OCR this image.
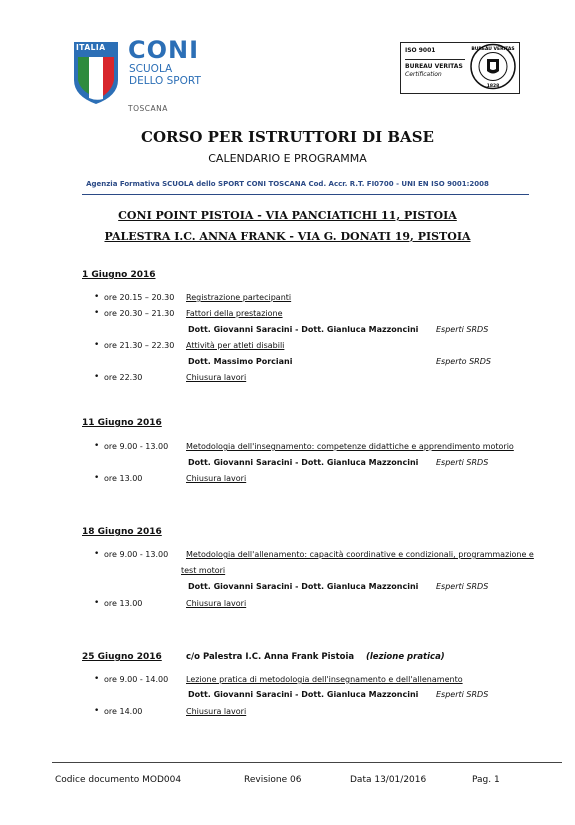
ITALIA CONI
SCUOLA
DELLO SPORT
TOSCANA
ISO 9001
BUREAU VERITAS
Certification
BUREAU VERITAS
1828
CORSO PER ISTRUTTORI DI BASE
CALENDARIO E PROGRAMMA
Agenzia Formativa SCUOLA dello SPORT CONI TOSCANA Cod. Accr. R.T. FI0700 - UNI EN ISO 9001:2008
CONI POINT PISTOIA - VIA PANCIATICHI 11, PISTOIA
PALESTRA I.C. ANNA FRANK - VIA G. DONATI 19, PISTOIA
1 Giugno 2016
• ore 20.15 – 20.30 Registrazione partecipanti
• ore 20.30 – 21.30 Fattori della prestazione
Dott. Giovanni Saracini - Dott. Gianluca Mazzoncini Esperti SRDS
• ore 21.30 – 22.30 Attività per atleti disabili
Dott. Massimo Porciani	Esperto SRDS
• ore 22.30	Chiusura lavori
11 Giugno 2016
• ore 9.00 - 13.00 Metodologia dell'insegnamento: competenze didattiche e apprendimento motorio
Dott. Giovanni Saracini - Dott. Gianluca Mazzoncini Esperti SRDS
• ore 13.00	Chiusura lavori
18 Giugno 2016
• ore 9.00 - 13.00 Metodologia dell'allenamento: capacità coordinative e condizionali, programmazione e
test motori
Dott. Giovanni Saracini - Dott. Gianluca Mazzoncini Esperti SRDS
• ore 13.00	Chiusura lavori
25 Giugno 2016	c/o Palestra I.C. Anna Frank Pistoia (lezione pratica)
• ore 9.00 - 14.00 Lezione pratica di metodologia dell'insegnamento e dell'allenamento
Dott. Giovanni Saracini - Dott. Gianluca Mazzoncini Esperti SRDS
• ore 14.00	Chiusura lavori
Codice documento MOD004	Revisione 06	Data 13/01/2016	Pag. 1
